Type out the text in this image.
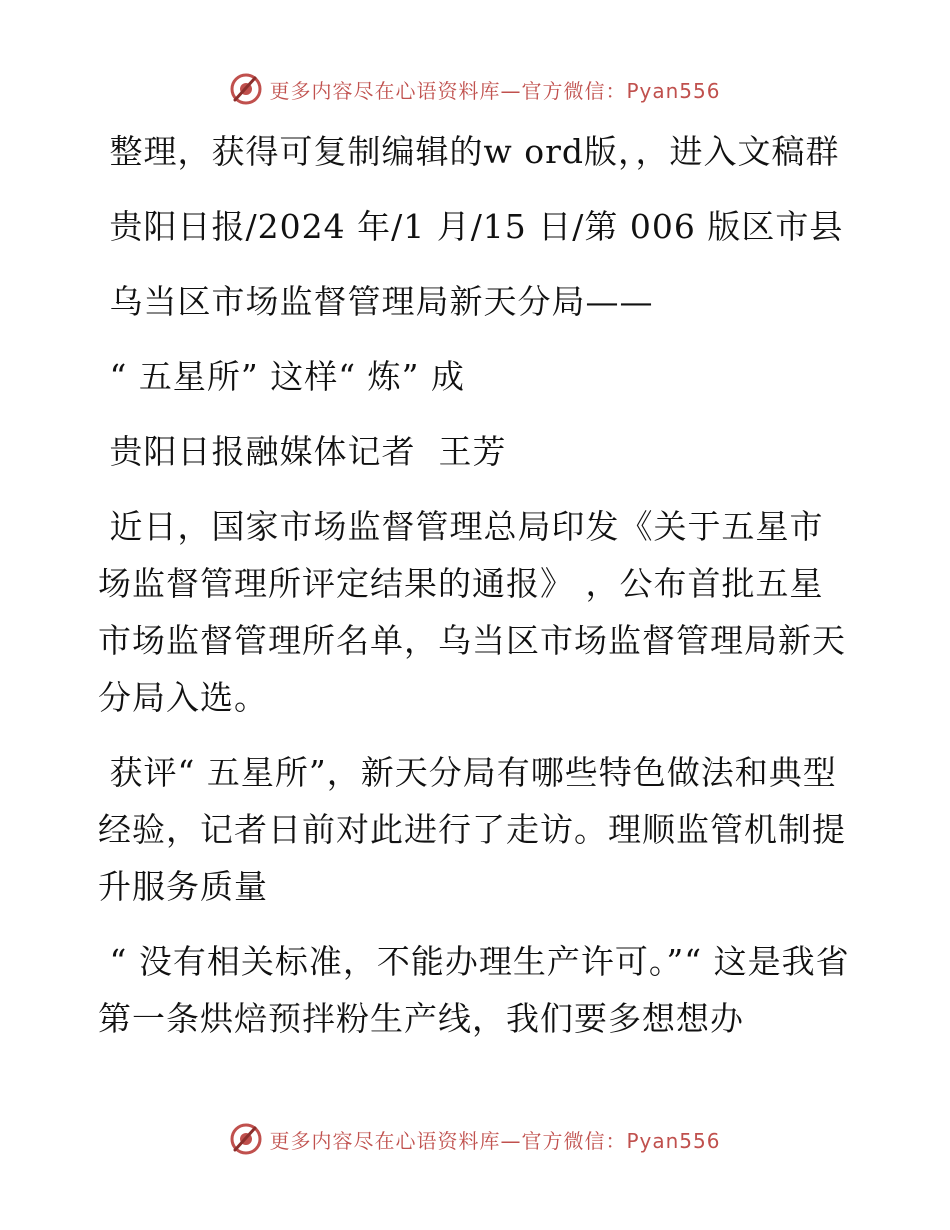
更多内容尽在心语资料库—官方微信：Pyan556

整理，获得可复制编辑的w ord版，，进入文稿群

贵阳日报/2024 年/1 月/15 日/第 006 版区市县

乌当区市场监督管理局新天分局——

“ 五星所” 这样“ 炼” 成

贵阳日报融媒体记者  王芳

近日，国家市场监督管理总局印发《关于五星市场监督管理所评定结果的通报》 ，公布首批五星市场监督管理所名单，乌当区市场监督管理局新天分局入选。

获评“ 五星所”，新天分局有哪些特色做法和典型经验，记者日前对此进行了走访。理顺监管机制提升服务质量

“ 没有相关标准，不能办理生产许可。”“ 这是我省第一条烘焙预拌粉生产线，我们要多想想办

更多内容尽在心语资料库—官方微信：Pyan556
